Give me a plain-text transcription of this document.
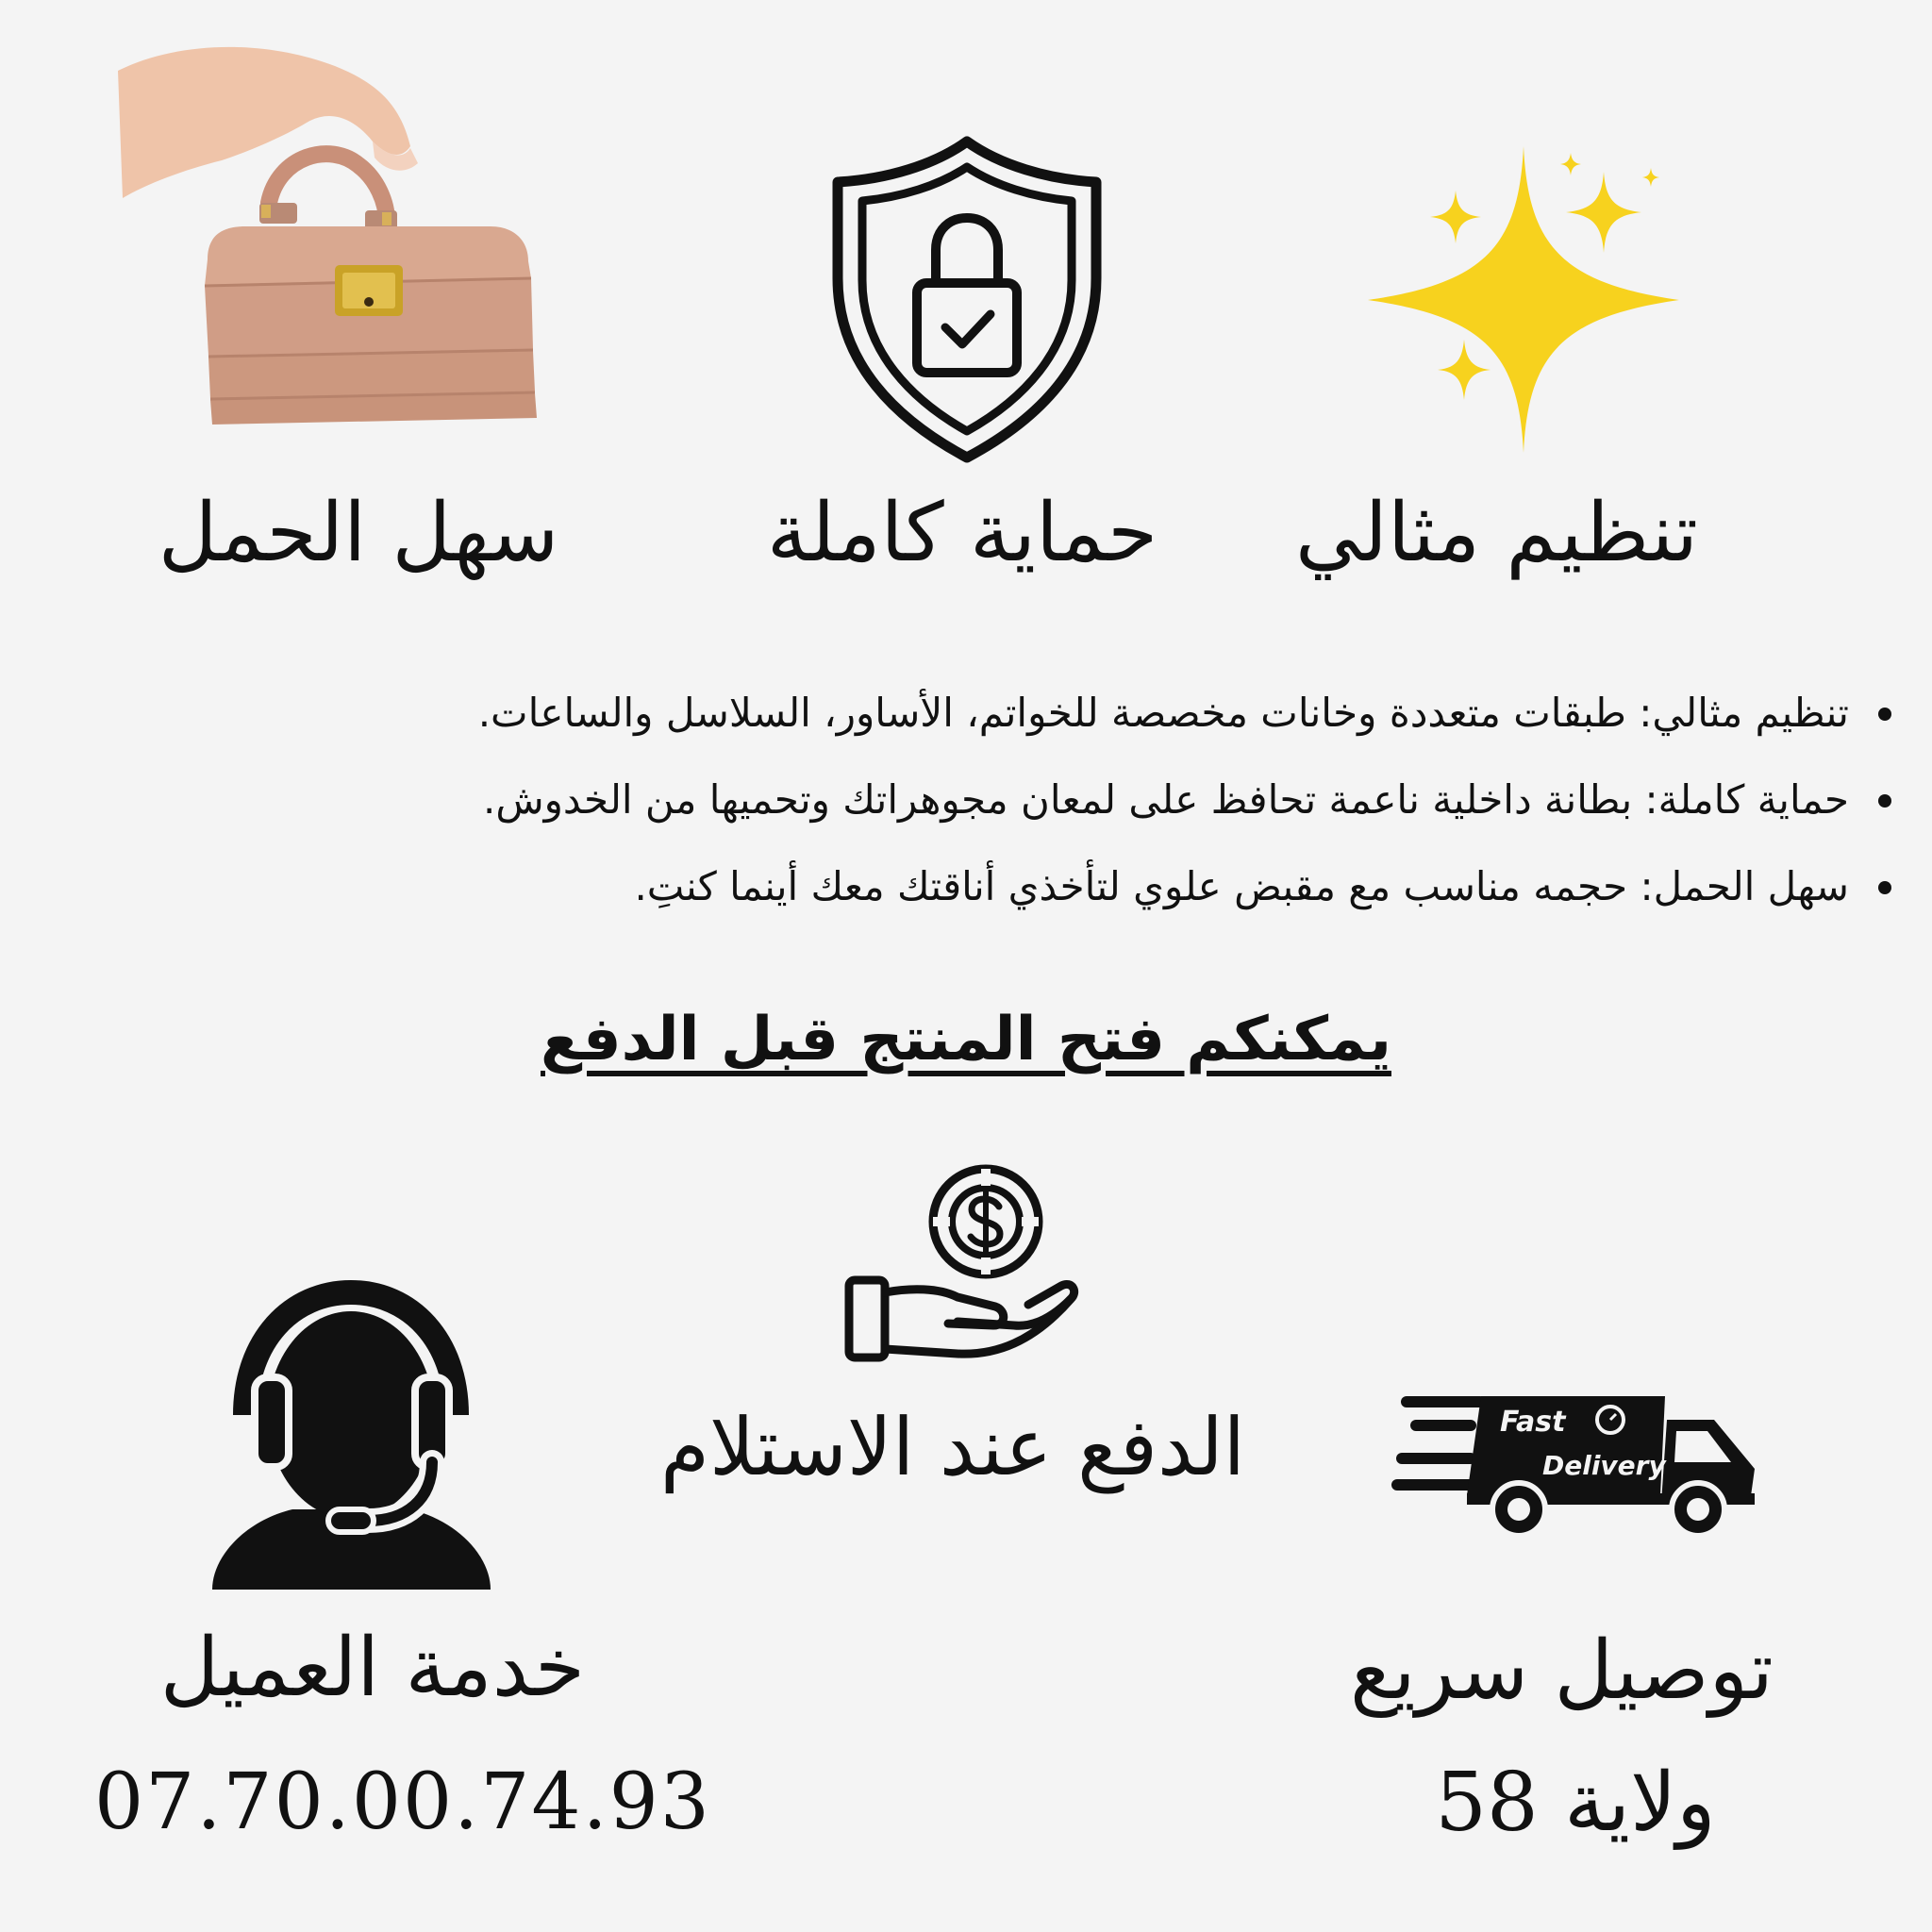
سهل الحمل	حماية كاملة	تنظيم مثالي
تنظيم مثالي: طبقات متعددة وخانات مخصصة للخواتم، الأساور، السلاسل والساعات.
حماية كاملة: بطانة داخلية ناعمة تحافظ على لمعان مجوهراتك وتحميها من الخدوش.
سهل الحمل: حجمه مناسب مع مقبض علوي لتأخذي أناقتك معك أينما كنتِ.
يمكنكم فتح المنتج قبل الدفع
الدفع عند الاستلام
خدمة العميل
07.70.00.74.93
Fast
Delivery
توصيل سريع
ولاية 58
